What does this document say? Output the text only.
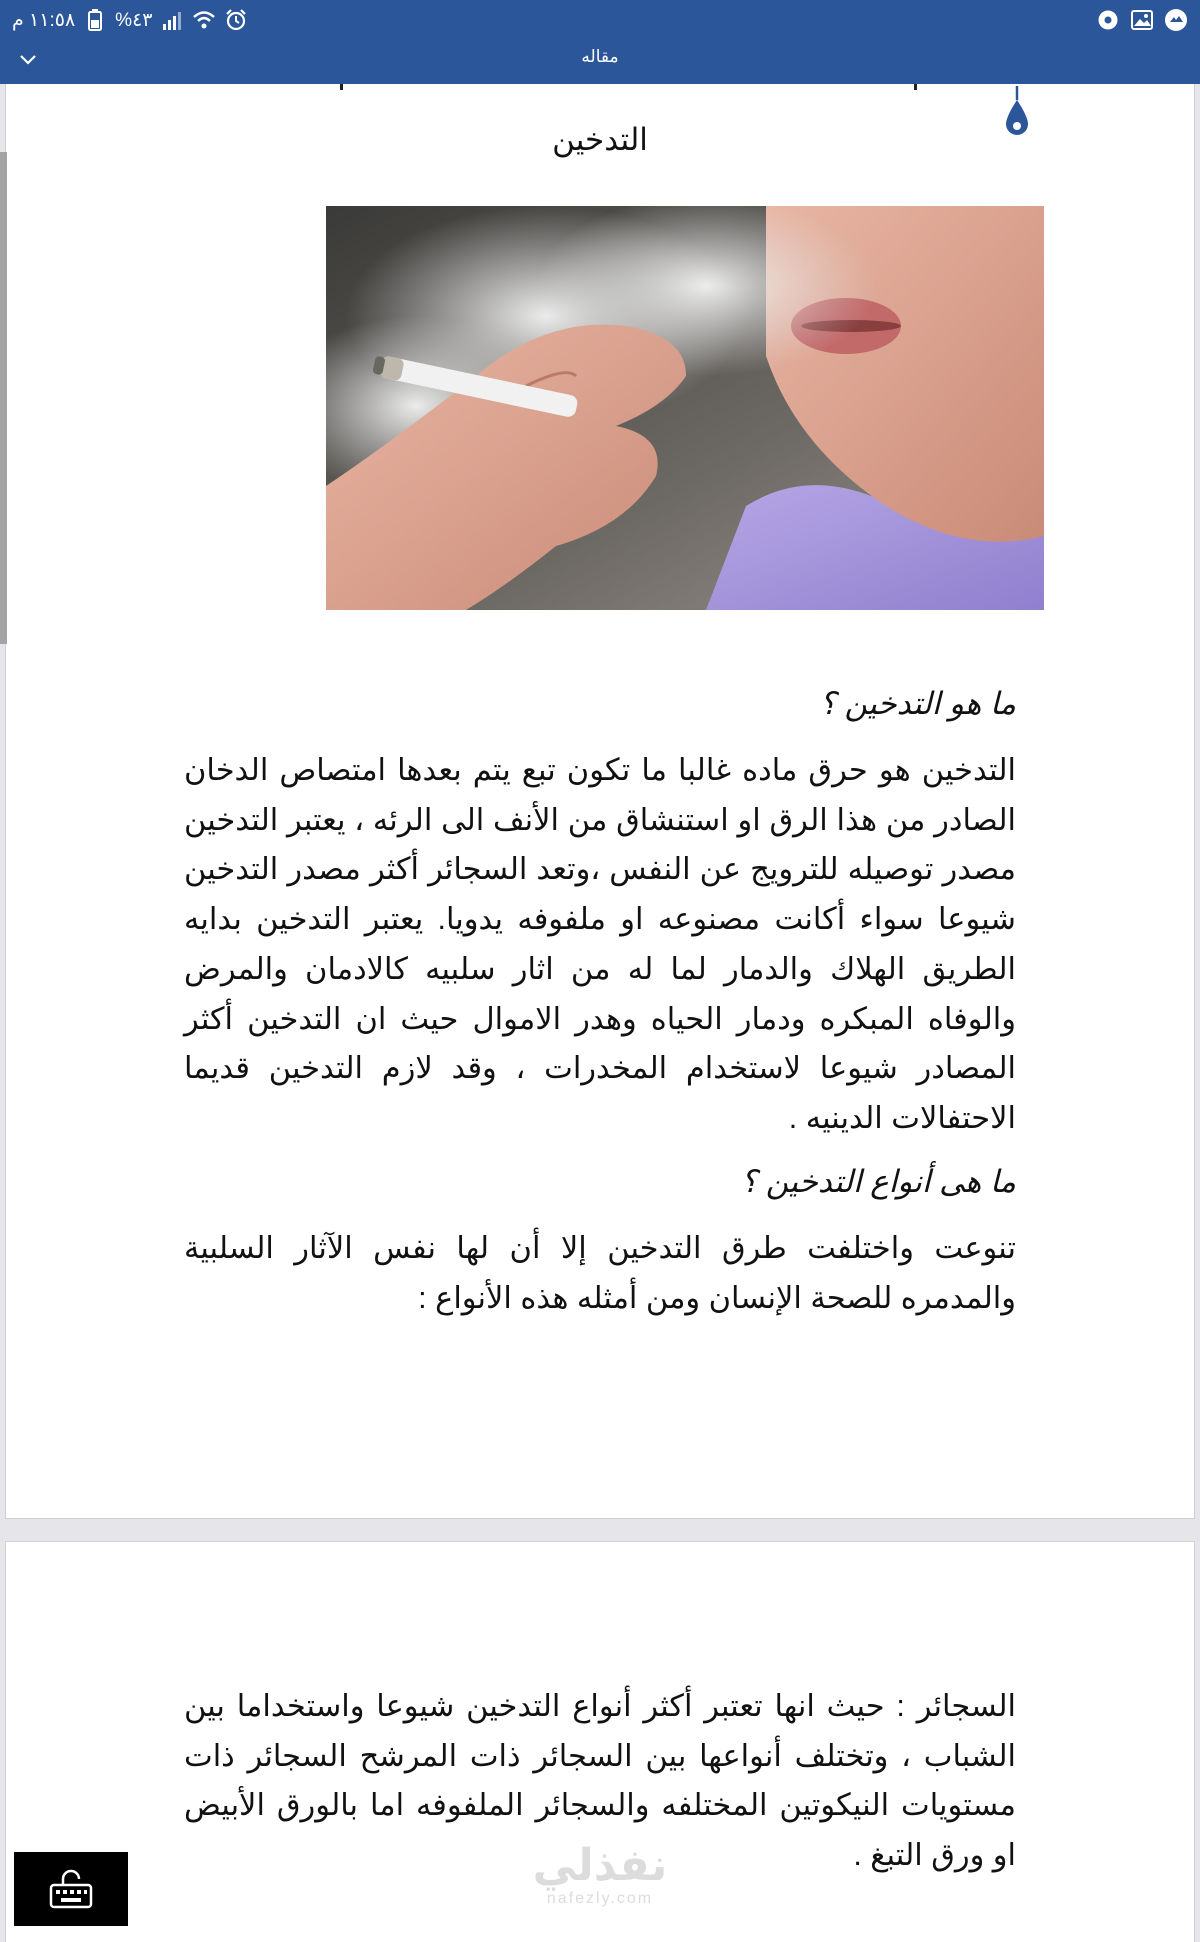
١١:٥٨ م %٤٣
مقاله
التدخين
ما هو التدخين ؟

التدخين هو حرق ماده غالبا ما تكون تبع يتم بعدها امتصاص الدخان الصادر من هذا الرق او استنشاق من الأنف الى الرئه ، يعتبر التدخين مصدر توصيله للترويج عن النفس ،وتعد السجائر أكثر مصدر التدخين شيوعا سواء أكانت مصنوعه او ملفوفه يدويا. يعتبر التدخين بدايه الطريق الهلاك والدمار لما له من اثار سلبيه كالادمان والمرض والوفاه المبكره ودمار الحياه وهدر الاموال حيث ان التدخين أكثر المصادر شيوعا لاستخدام المخدرات ، وقد لازم التدخين قديما الاحتفالات الدينيه .

ما هى أنواع التدخين ؟

تنوعت واختلفت طرق التدخين إلا أن لها نفس الآثار السلبية والمدمره للصحة الإنسان ومن أمثله هذه الأنواع :

السجائر : حيث انها تعتبر أكثر أنواع التدخين شيوعا واستخداما بين الشباب ، وتختلف أنواعها بين السجائر ذات المرشح السجائر ذات مستويات النيكوتين المختلفه والسجائر الملفوفه اما بالورق الأبيض او ورق التبغ .

نفذلي
nafezly.com
